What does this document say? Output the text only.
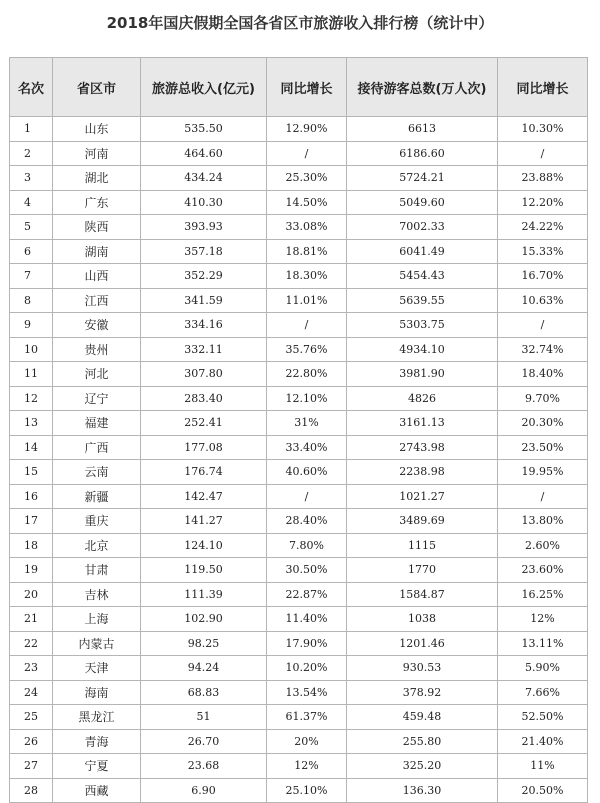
2018年国庆假期全国各省区市旅游收入排行榜（统计中）
名次	省区市	旅游总收入(亿元)	同比增长	接待游客总数(万人次)	同比增长
1	山东	535.50	12.90%	6613	10.30%
2	河南	464.60	/	6186.60	/
3	湖北	434.24	25.30%	5724.21	23.88%
4	广东	410.30	14.50%	5049.60	12.20%
5	陕西	393.93	33.08%	7002.33	24.22%
6	湖南	357.18	18.81%	6041.49	15.33%
7	山西	352.29	18.30%	5454.43	16.70%
8	江西	341.59	11.01%	5639.55	10.63%
9	安徽	334.16	/	5303.75	/
10	贵州	332.11	35.76%	4934.10	32.74%
11	河北	307.80	22.80%	3981.90	18.40%
12	辽宁	283.40	12.10%	4826	9.70%
13	福建	252.41	31%	3161.13	20.30%
14	广西	177.08	33.40%	2743.98	23.50%
15	云南	176.74	40.60%	2238.98	19.95%
16	新疆	142.47	/	1021.27	/
17	重庆	141.27	28.40%	3489.69	13.80%
18	北京	124.10	7.80%	1115	2.60%
19	甘肃	119.50	30.50%	1770	23.60%
20	吉林	111.39	22.87%	1584.87	16.25%
21	上海	102.90	11.40%	1038	12%
22	内蒙古	98.25	17.90%	1201.46	13.11%
23	天津	94.24	10.20%	930.53	5.90%
24	海南	68.83	13.54%	378.92	7.66%
25	黑龙江	51	61.37%	459.48	52.50%
26	青海	26.70	20%	255.80	21.40%
27	宁夏	23.68	12%	325.20	11%
28	西藏	6.90	25.10%	136.30	20.50%
